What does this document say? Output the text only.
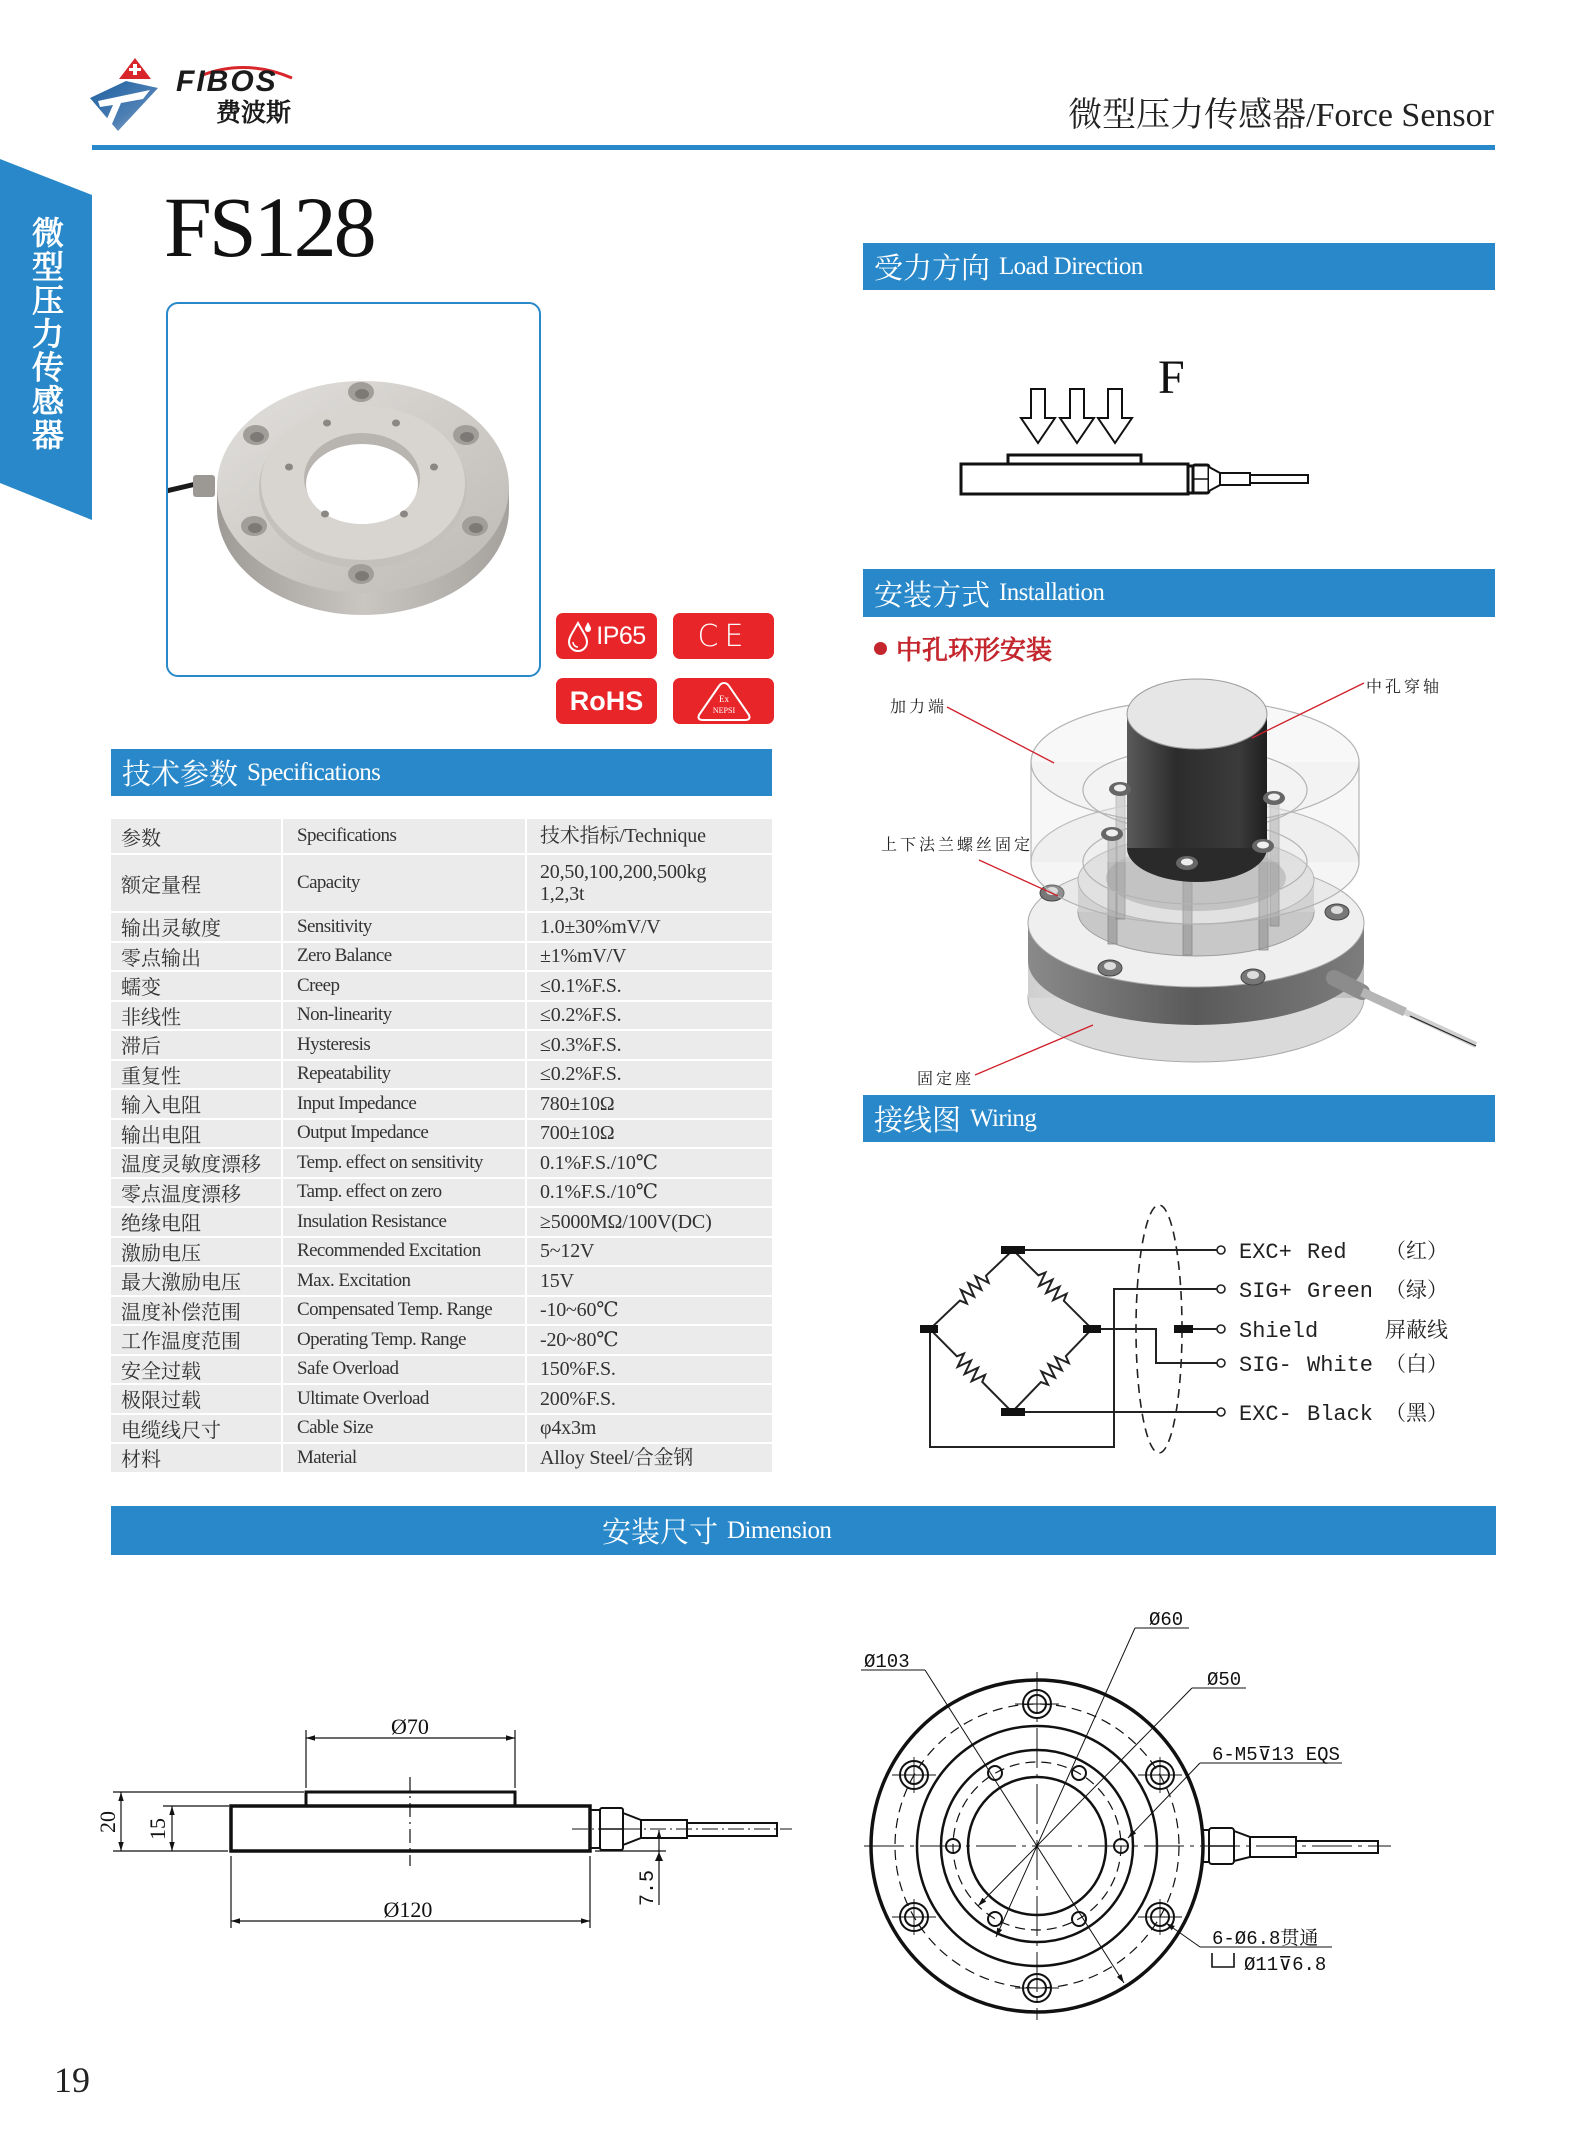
FIBOS
费波斯	微型压力传感器/Force Sensor
微型压力传感器 FS128
IP65 CE
RoHS	Ex
NEPSI
技术参数 Specifications
参数	Specifications	技术指标/Technique
额定量程	Capacity	20,50,100,200,500kg
1,2,3t
输出灵敏度	Sensitivity	1.0±30%mV/V
零点输出	Zero Balance	±1%mV/V
蠕变	Creep	≤0.1%F.S.
非线性	Non-linearity	≤0.2%F.S.
滞后	Hysteresis	≤0.3%F.S.
重复性	Repeatability	≤0.2%F.S.
输入电阻	Input Impedance	780±10Ω
输出电阻	Output Impedance	700±10Ω
温度灵敏度漂移	Temp. effect on sensitivity	0.1%F.S./10℃
零点温度漂移	Tamp. effect on zero	0.1%F.S./10℃
绝缘电阻	Insulation Resistance	≥5000MΩ/100V(DC)
激励电压	Recommended Excitation	5~12V
最大激励电压	Max. Excitation	15V
温度补偿范围	Compensated Temp. Range	-10~60℃
工作温度范围	Operating Temp. Range	-20~80℃
安全过载	Safe Overload	150%F.S.
极限过载	Ultimate Overload	200%F.S.
电缆线尺寸	Cable Size	φ4x3m
材料	Material	Alloy Steel/合金钢
受力方向 Load Direction
F
安装方式 Installation
中孔环形安装
加力端
中孔穿轴
上下法兰螺丝固定
固定座
接线图 Wiring
EXC+ Red （红）
SIG+ Green （绿）
Shield	屏蔽线
SIG- White （白）
EXC- Black （黑）
安装尺寸 Dimension
Ø70
Ø120
20 15
7.5
Ø103
Ø60
Ø50
6-M5⊽13 EQS
6-Ø6.8贯通
Ø11⊽6.8
19
